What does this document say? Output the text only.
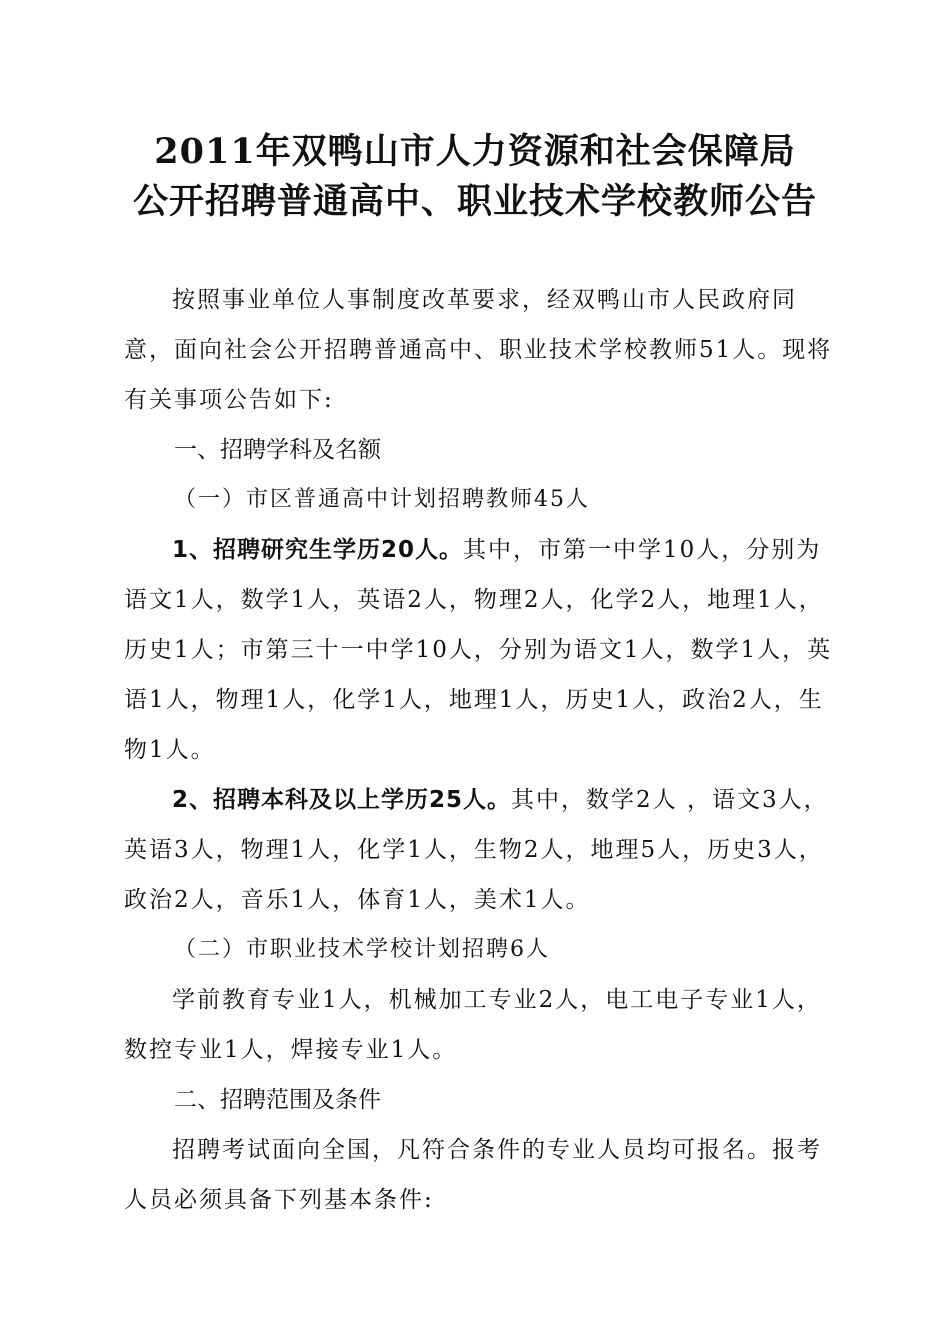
2011年双鸭山市人力资源和社会保障局
公开招聘普通高中、职业技术学校教师公告
按照事业单位人事制度改革要求，经双鸭山市人民政府同意，面向社会公开招聘普通高中、职业技术学校教师51人。现将有关事项公告如下:
一、招聘学科及名额
（一）市区普通高中计划招聘教师45人
1、招聘研究生学历20人。其中，市第一中学10人，分别为语文1人，数学1人，英语2人，物理2人，化学2人，地理1人，历史1人；市第三十一中学10人，分别为语文1人，数学1人，英语1人，物理1人，化学1人，地理1人，历史1人，政治2人，生物1人。
2、招聘本科及以上学历25人。其中，数学2人 ，语文3人，英语3人，物理1人，化学1人，生物2人，地理5人，历史3人，政治2人，音乐1人，体育1人，美术1人。
（二）市职业技术学校计划招聘6人
学前教育专业1人，机械加工专业2人，电工电子专业1人，数控专业1人，焊接专业1人。
二、招聘范围及条件
招聘考试面向全国，凡符合条件的专业人员均可报名。报考人员必须具备下列基本条件:
